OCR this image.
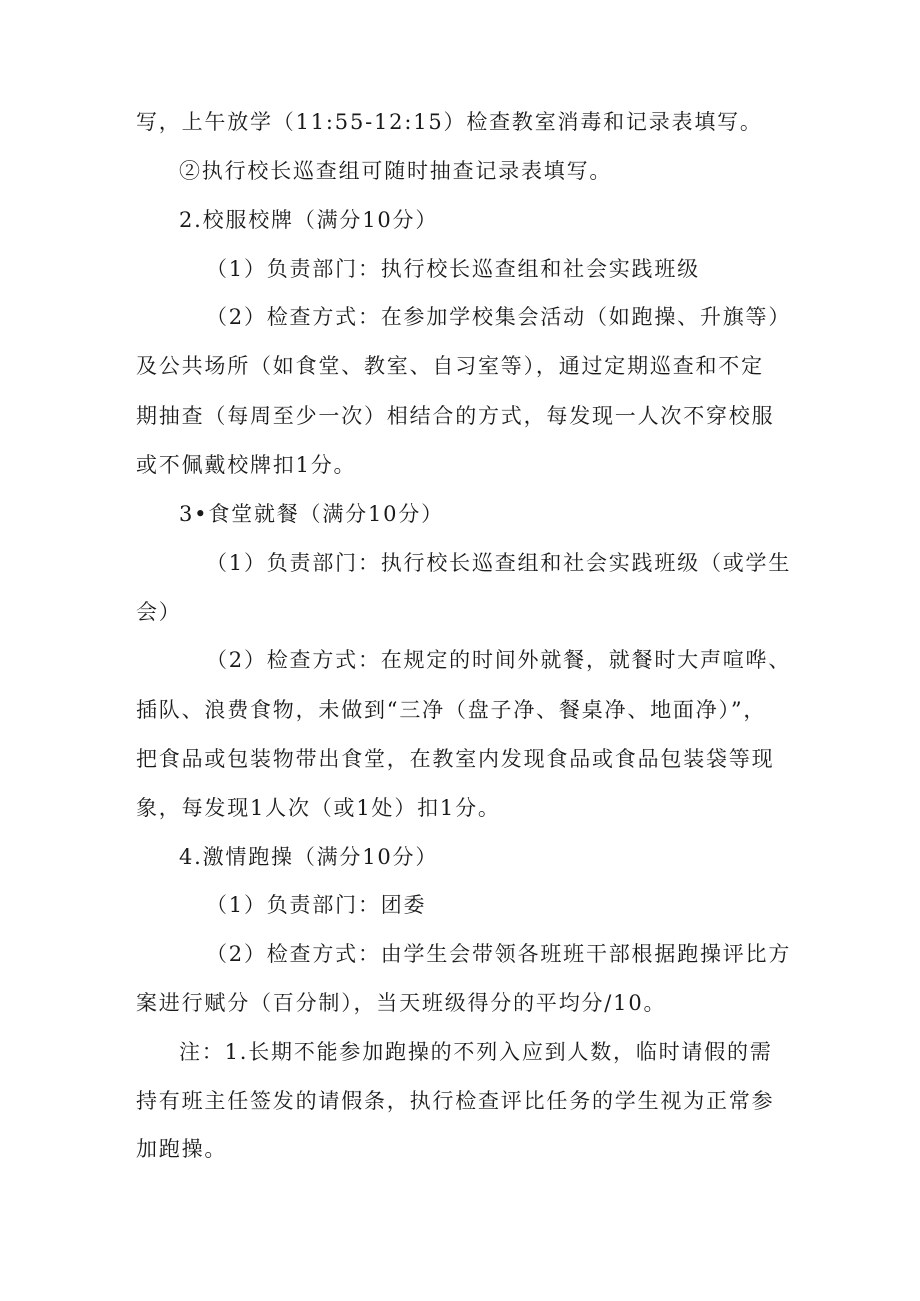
写，上午放学（11:55-12:15）检查教室消毒和记录表填写。
②执行校长巡查组可随时抽查记录表填写。
2.校服校牌（满分10分）
（1）负责部门：执行校长巡查组和社会实践班级
（2）检查方式：在参加学校集会活动（如跑操、升旗等）
及公共场所（如食堂、教室、自习室等），通过定期巡查和不定
期抽查（每周至少一次）相结合的方式，每发现一人次不穿校服
或不佩戴校牌扣1分。
3•食堂就餐（满分10分）
（1）负责部门：执行校长巡查组和社会实践班级（或学生
会）
（2）检查方式：在规定的时间外就餐，就餐时大声喧哗、
插队、浪费食物，未做到“三净（盘子净、餐桌净、地面净）”，
把食品或包装物带出食堂，在教室内发现食品或食品包装袋等现
象，每发现1人次（或1处）扣1分。
4.激情跑操（满分10分）
（1）负责部门：团委
（2）检查方式：由学生会带领各班班干部根据跑操评比方
案进行赋分（百分制），当天班级得分的平均分/10。
注：1.长期不能参加跑操的不列入应到人数，临时请假的需
持有班主任签发的请假条，执行检查评比任务的学生视为正常参
加跑操。
